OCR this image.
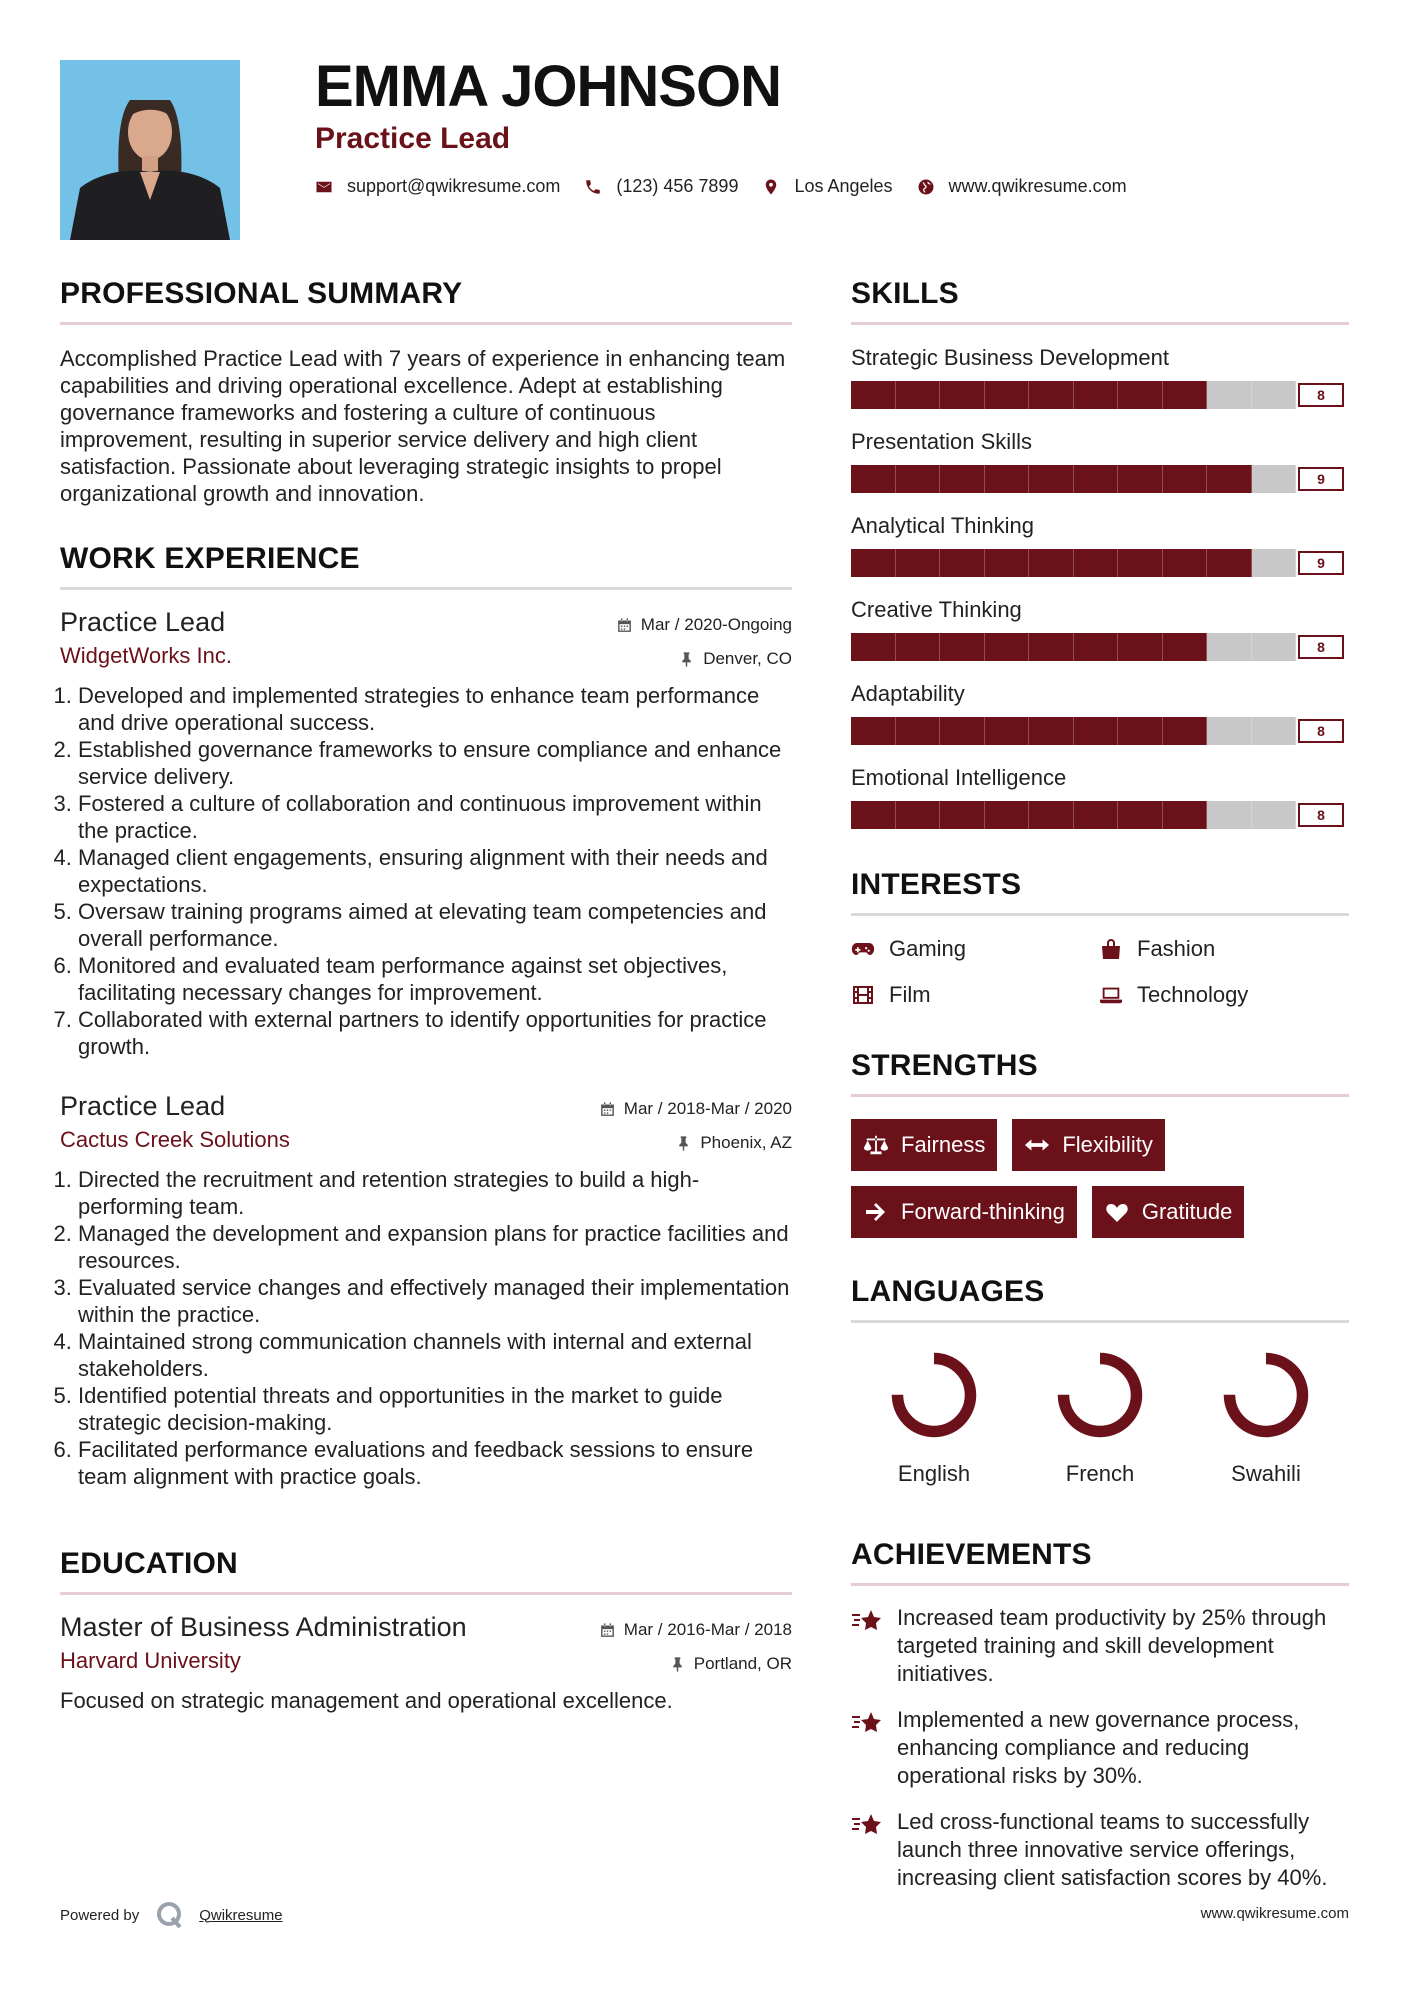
EMMA JOHNSON
Practice Lead
support@qwikresume.com	(123) 456 7899	Los Angeles	www.qwikresume.com
PROFESSIONAL SUMMARY

Accomplished Practice Lead with 7 years of experience in enhancing team capabilities and driving operational excellence. Adept at establishing governance frameworks and fostering a culture of continuous improvement, resulting in superior service delivery and high client satisfaction. Passionate about leveraging strategic insights to propel organizational growth and innovation.

WORK EXPERIENCE

Practice Lead

WidgetWorks Inc.

Mar / 2020-Ongoing
Denver, CO
1. Developed and implemented strategies to enhance team performance and drive operational success.
2. Established governance frameworks to ensure compliance and enhance service delivery.
3. Fostered a culture of collaboration and continuous improvement within the practice.
4. Managed client engagements, ensuring alignment with their needs and expectations.
5. Oversaw training programs aimed at elevating team competencies and overall performance.
6. Monitored and evaluated team performance against set objectives, facilitating necessary changes for improvement.
7. Collaborated with external partners to identify opportunities for practice growth.

Practice Lead

Cactus Creek Solutions

Mar / 2018-Mar / 2020
Phoenix, AZ
1. Directed the recruitment and retention strategies to build a high-performing team.
2. Managed the development and expansion plans for practice facilities and resources.
3. Evaluated service changes and effectively managed their implementation within the practice.
4. Maintained strong communication channels with internal and external stakeholders.
5. Identified potential threats and opportunities in the market to guide strategic decision-making.
6. Facilitated performance evaluations and feedback sessions to ensure team alignment with practice goals.
EDUCATION

Master of Business Administration

Harvard University

Mar / 2016-Mar / 2018
Portland, OR

Focused on strategic management and operational excellence.

SKILLS
Strategic Business Development
8
Presentation Skills
9
Analytical Thinking
9
Creative Thinking
8
Adaptability
8
Emotional Intelligence
8
INTERESTS
Gaming	Fashion
Film	Technology
STRENGTHS
Fairness	Flexibility
Forward-thinking	Gratitude
LANGUAGES
English	French	Swahili
ACHIEVEMENTS
Increased team productivity by 25% through targeted training and skill development initiatives.
Implemented a new governance process, enhancing compliance and reducing operational risks by 30%.
Led cross-functional teams to successfully launch three innovative service offerings, increasing client satisfaction scores by 40%.
Powered by	Qwikresume	www.qwikresume.com
